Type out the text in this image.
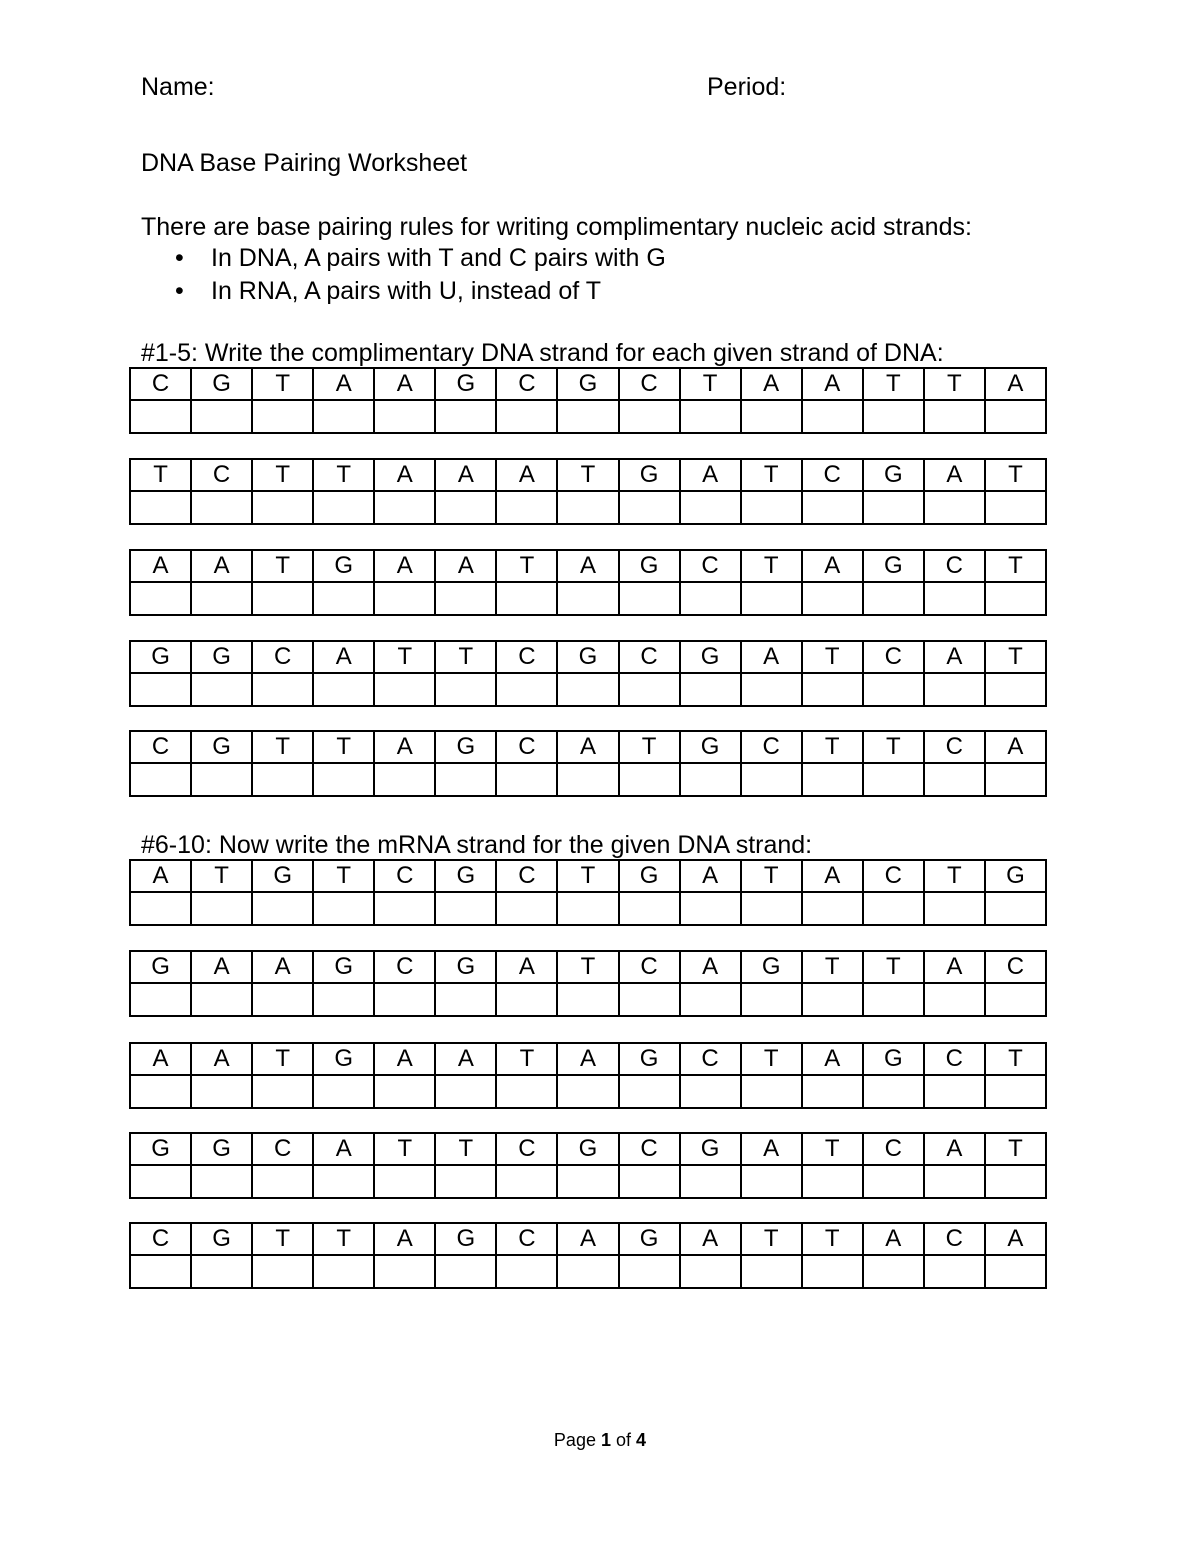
Name:	Period:
DNA Base Pairing Worksheet
There are base pairing rules for writing complimentary nucleic acid strands:
• In DNA, A pairs with T and C pairs with G
• In RNA, A pairs with U, instead of T
#1-5: Write the complimentary DNA strand for each given strand of DNA:
#6-10: Now write the mRNA strand for the given DNA strand:
C	G	T	A	A	G	C	G	C	T	A	A	T	T	A

T	C	T	T	A	A	A	T	G	A	T	C	G	A	T

A	A	T	G	A	A	T	A	G	C	T	A	G	C	T

G	G	C	A	T	T	C	G	C	G	A	T	C	A	T

C	G	T	T	A	G	C	A	T	G	C	T	T	C	A

A	T	G	T	C	G	C	T	G	A	T	A	C	T	G

G	A	A	G	C	G	A	T	C	A	G	T	T	A	C

A	A	T	G	A	A	T	A	G	C	T	A	G	C	T

G	G	C	A	T	T	C	G	C	G	A	T	C	A	T

C	G	T	T	A	G	C	A	G	A	T	T	A	C	A

Page 1 of 4
